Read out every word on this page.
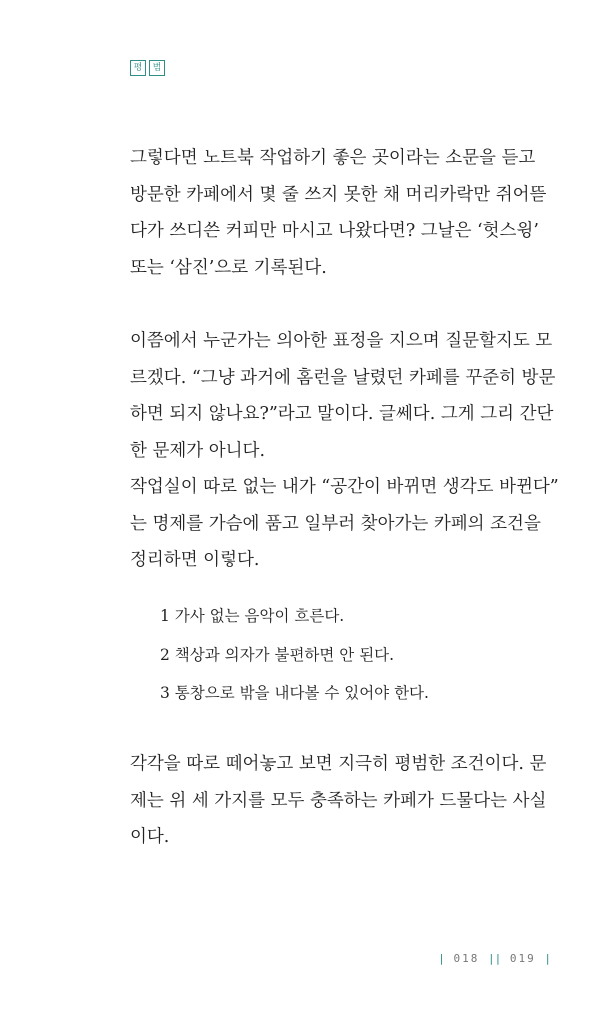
평	범

그렇다면 노트북 작업하기 좋은 곳이라는 소문을 듣고
방문한 카페에서 몇 줄 쓰지 못한 채 머리카락만 쥐어뜯
다가 쓰디쓴 커피만 마시고 나왔다면? 그날은 ‘헛스윙’
또는 ‘삼진’으로 기록된다.

이쯤에서 누군가는 의아한 표정을 지으며 질문할지도 모
르겠다. “그냥 과거에 홈런을 날렸던 카페를 꾸준히 방문
하면 되지 않나요?”라고 말이다. 글쎄다. 그게 그리 간단
한 문제가 아니다.

작업실이 따로 없는 내가 “공간이 바뀌면 생각도 바뀐다”
는 명제를 가슴에 품고 일부러 찾아가는 카페의 조건을
정리하면 이렇다.

1 가사 없는 음악이 흐른다.
2 책상과 의자가 불편하면 안 된다.
3 통창으로 밖을 내다볼 수 있어야 한다.

각각을 따로 떼어놓고 보면 지극히 평범한 조건이다. 문
제는 위 세 가지를 모두 충족하는 카페가 드물다는 사실
이다.

| 018 || 019 |
